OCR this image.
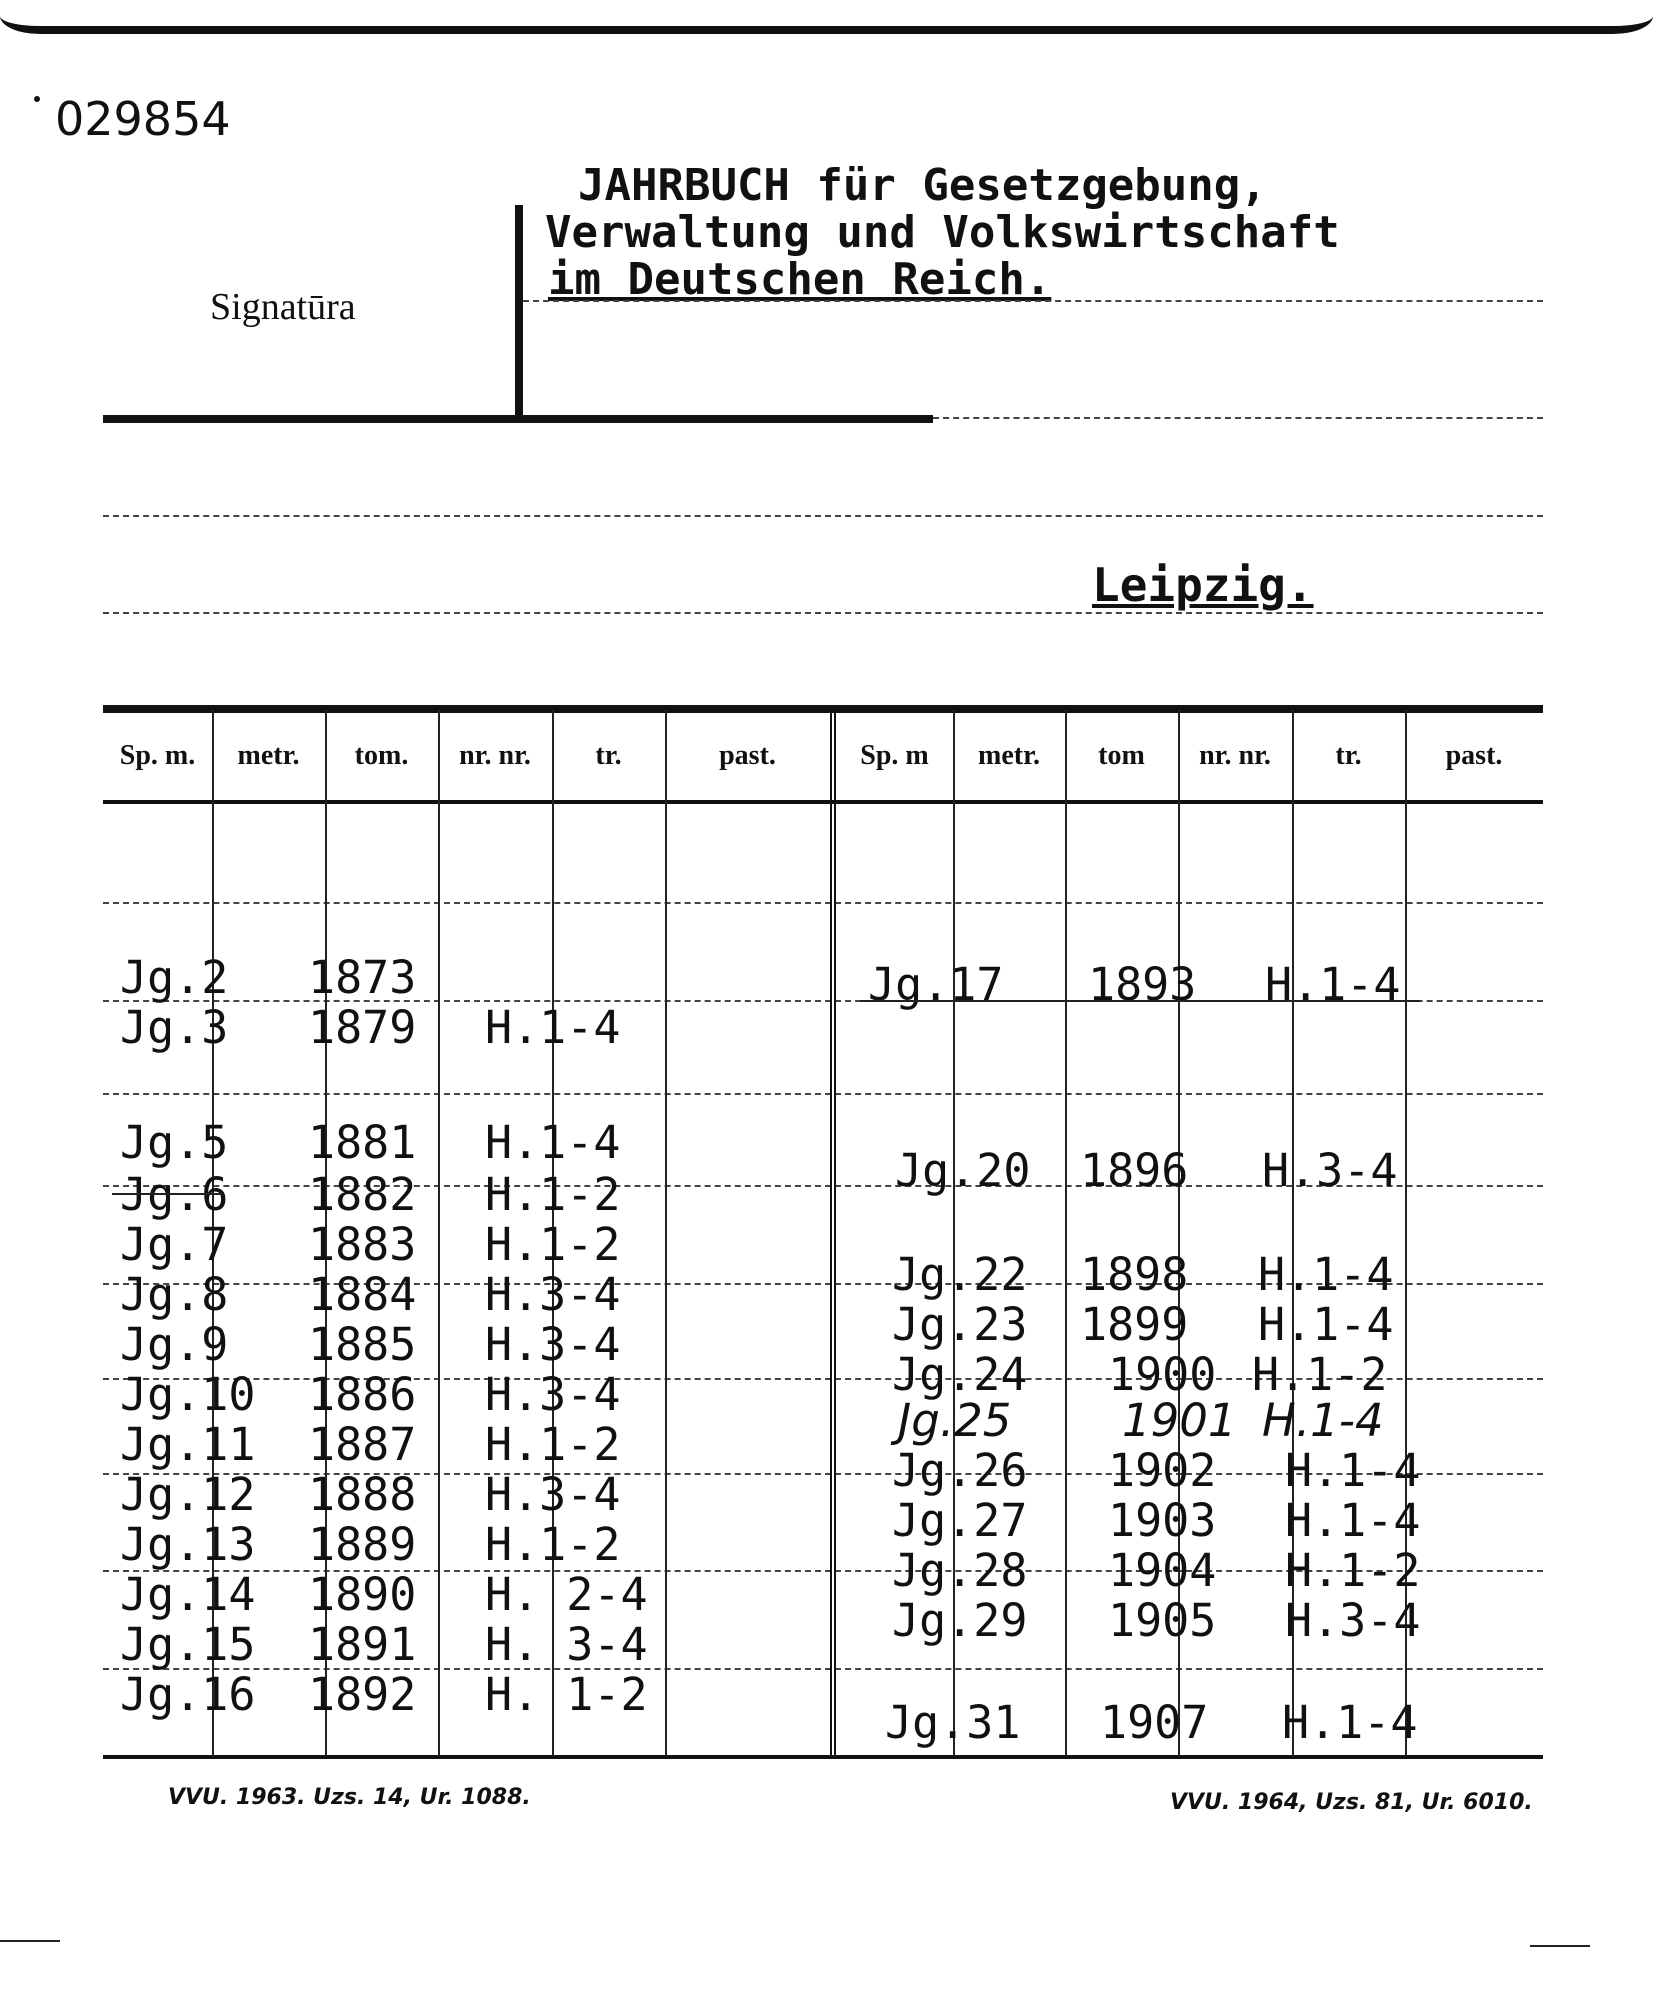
029854
Signatūra
JAHRBUCH für Gesetzgebung,
Verwaltung und Volkswirtschaft
im Deutschen Reich.
Leipzig.
Sp. m.	metr.	tom.	nr. nr.	tr.	past.	Sp. m	metr.	tom	nr. nr.	tr.	past.
Jg.2 1873
Jg.3 1879 H.1-4
Jg.5 1881 H.1-4
Jg.6 1882 H.1-2
Jg.7 1883 H.1-2
Jg.8 1884 H.3-4
Jg.9 1885 H.3-4
Jg.10 1886 H.3-4
Jg.11 1887 H.1-2
Jg.12 1888 H.3-4
Jg.13 1889 H.1-2
Jg.14 1890 H. 2-4
Jg.15 1891 H. 3-4
Jg.16 1892 H. 1-2
Jg.17 1893 H.1-4
Jg.20 1896 H.3-4
Jg.22 1898 H.1-4
Jg.23 1899 H.1-4
Jg.24 1900 H.1-2
Jg.25 1901 H.1-4
Jg.26 1902 H.1-4
Jg.27 1903 H.1-4
Jg.28 1904 H.1-2
Jg.29 1905 H.3-4
Jg.31 1907 H.1-4
VVU. 1963. Uzs. 14, Ur. 1088.	VVU. 1964, Uzs. 81, Ur. 6010.
